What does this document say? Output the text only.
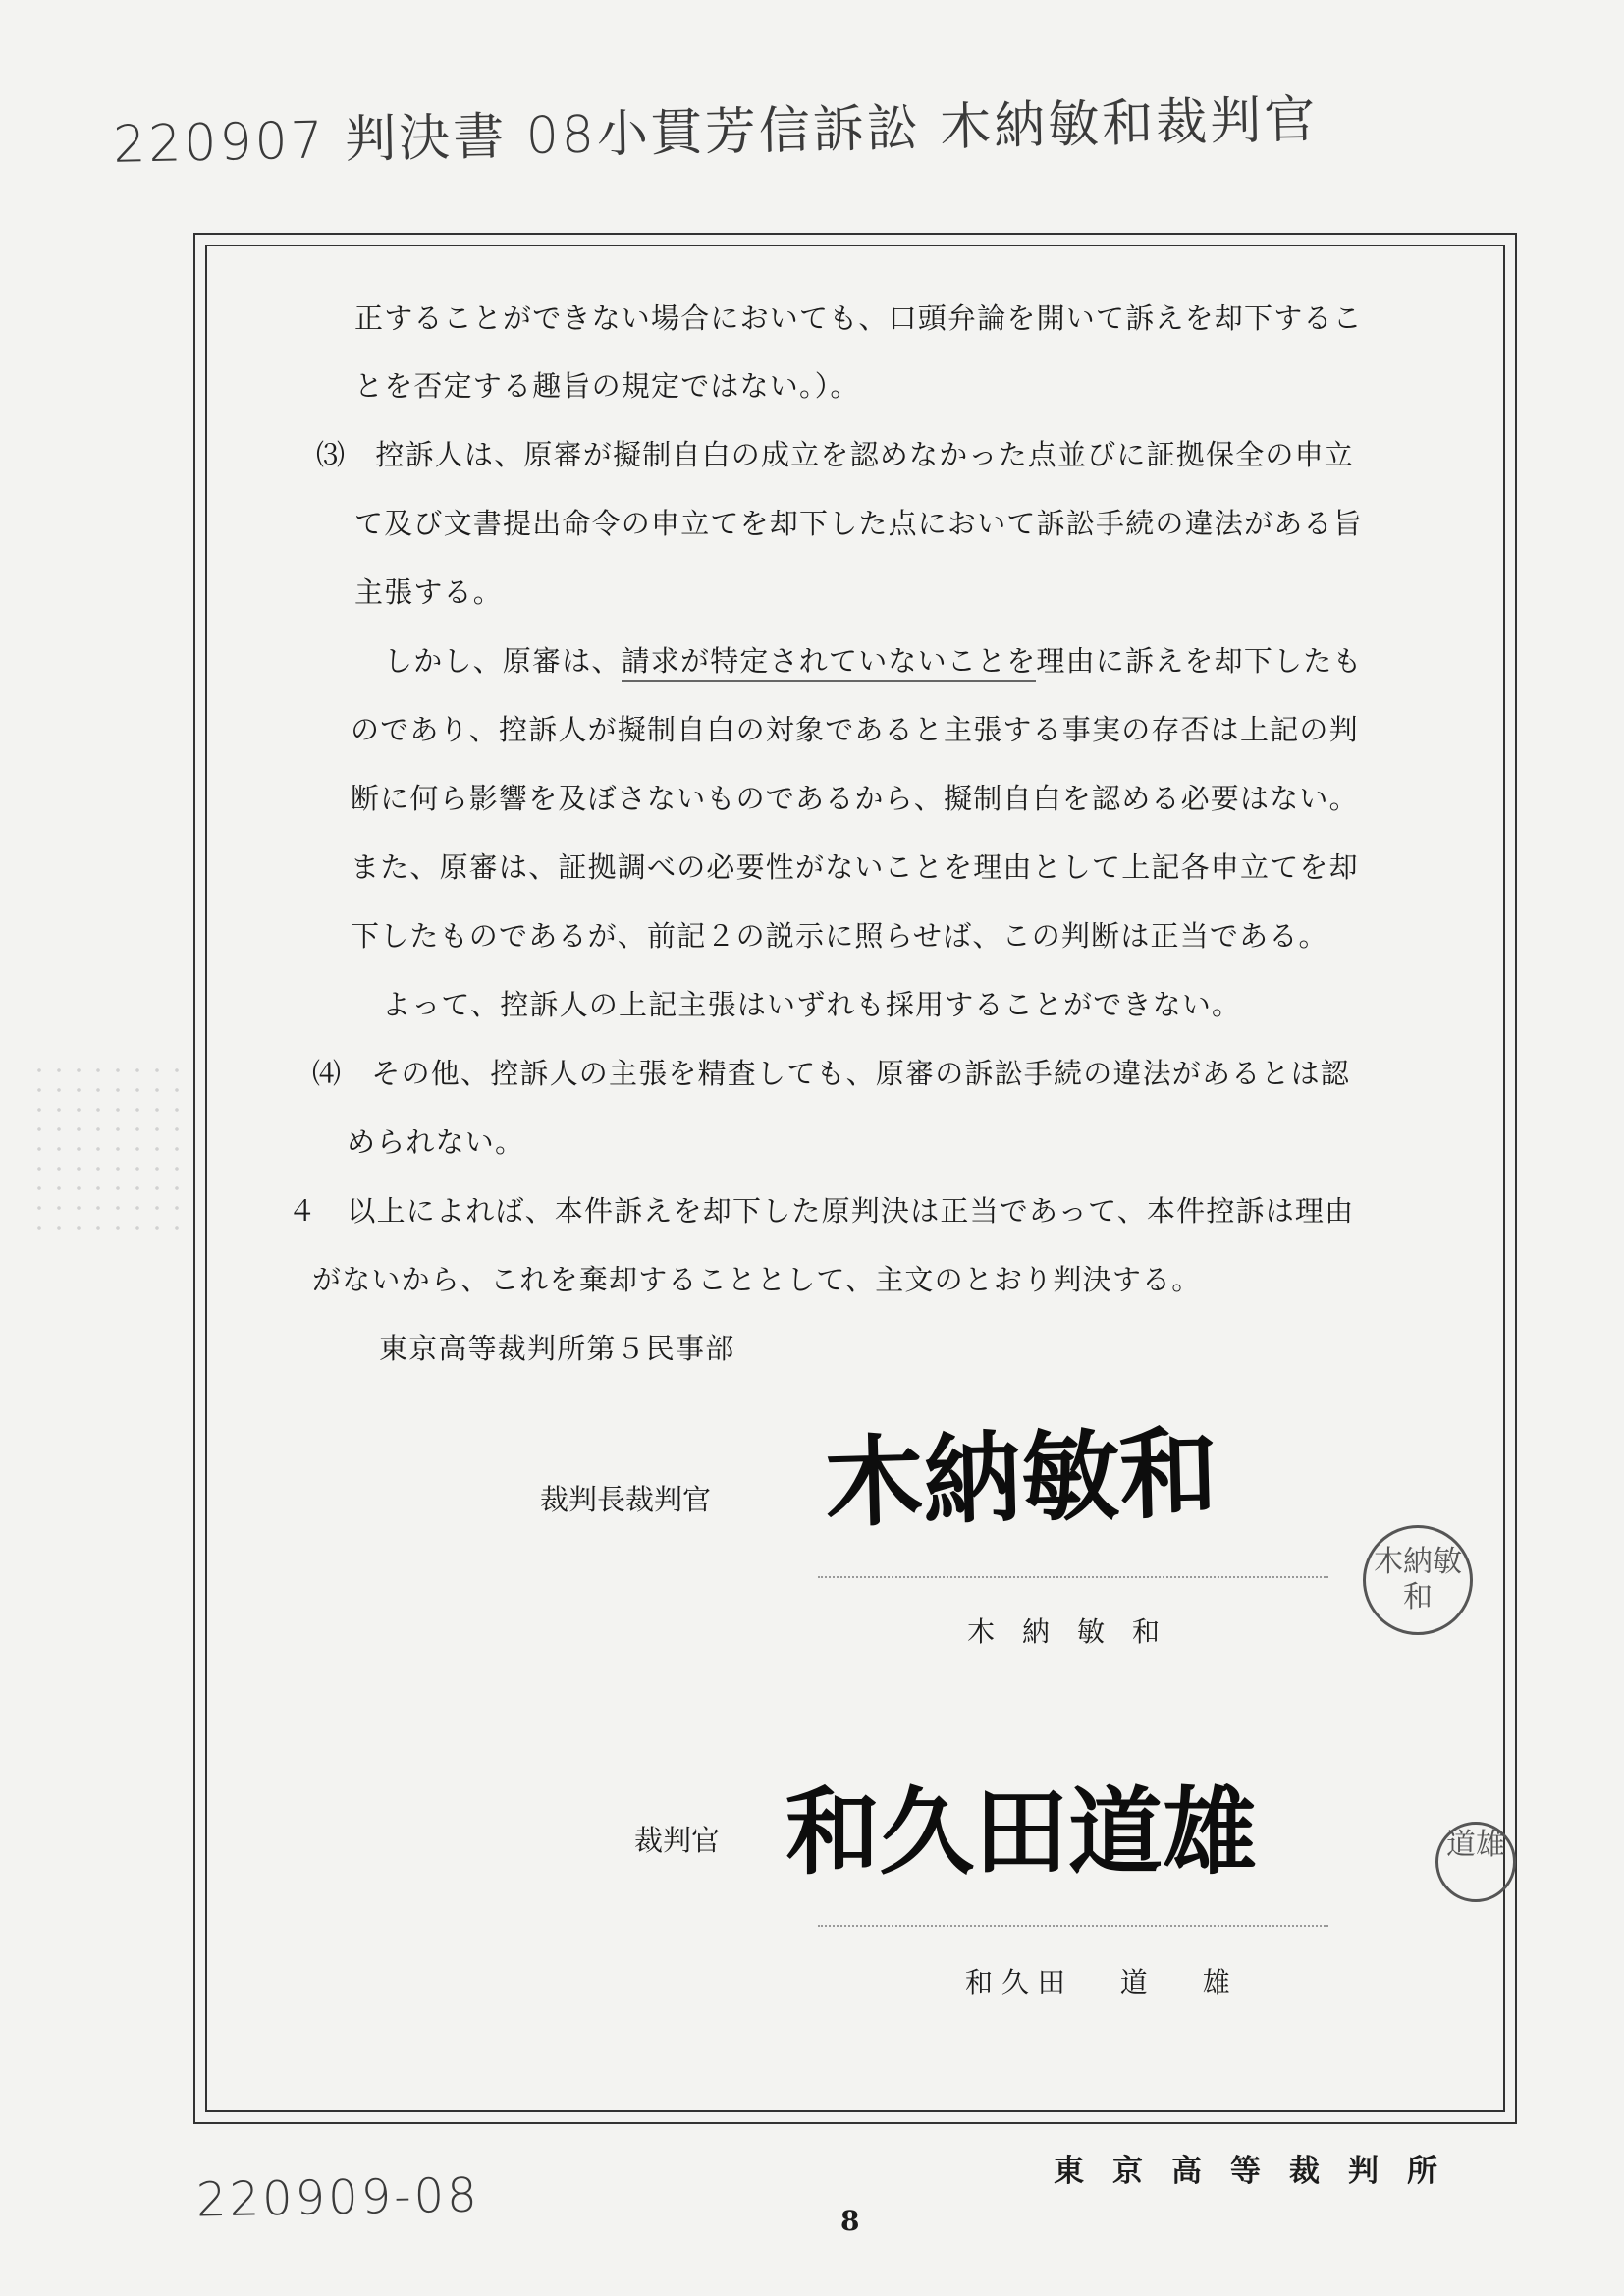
220907 判決書 08小貫芳信訴訟 木納敏和裁判官
正することができない場合においても、口頭弁論を開いて訴えを却下するこ
とを否定する趣旨の規定ではない。）。
⑶　控訴人は、原審が擬制自白の成立を認めなかった点並びに証拠保全の申立
て及び文書提出命令の申立てを却下した点において訴訟手続の違法がある旨
主張する。
しかし、原審は、請求が特定されていないことを理由に訴えを却下したも
のであり、控訴人が擬制自白の対象であると主張する事実の存否は上記の判
断に何ら影響を及ぼさないものであるから、擬制自白を認める必要はない。
また、原審は、証拠調べの必要性がないことを理由として上記各申立てを却
下したものであるが、前記２の説示に照らせば、この判断は正当である。
よって、控訴人の上記主張はいずれも採用することができない。
⑷　その他、控訴人の主張を精査しても、原審の訴訟手続の違法があるとは認
められない。
４　以上によれば、本件訴えを却下した原判決は正当であって、本件控訴は理由
がないから、これを棄却することとして、主文のとおり判決する。
東京高等裁判所第５民事部
裁判長裁判官 木納敏和
木納敏和
木　納　敏　和
裁判官 和久田道雄	道雄
和 久 田　　道　　雄
東京高等裁判所
220909-08	8
